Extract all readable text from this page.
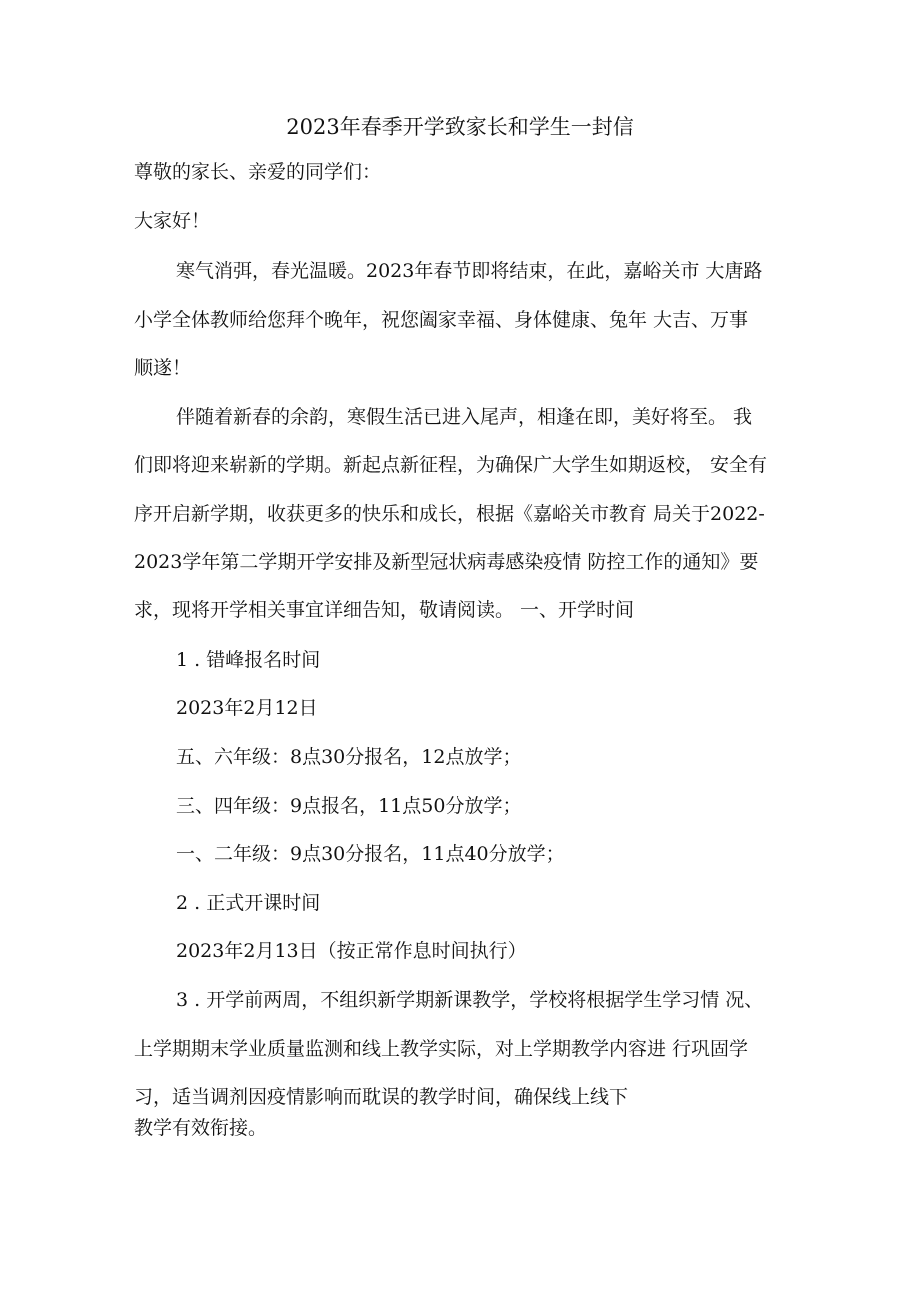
2023年春季开学致家长和学生一封信
尊敬的家长、亲爱的同学们：
大家好！
寒气消弭，春光温暖。2023年春节即将结束，在此，嘉峪关市 大唐路
小学全体教师给您拜个晚年，祝您阖家幸福、身体健康、兔年 大吉、万事
顺遂！
伴随着新春的余韵，寒假生活已进入尾声，相逢在即，美好将至。 我
们即将迎来崭新的学期。新起点新征程，为确保广大学生如期返校， 安全有
序开启新学期，收获更多的快乐和成长，根据《嘉峪关市教育 局关于2022-
2023学年第二学期开学安排及新型冠状病毒感染疫情 防控工作的通知》要
求，现将开学相关事宜详细告知，敬请阅读。 一、开学时间
1 . 错峰报名时间
2023年2月12日
五、六年级：8点30分报名，12点放学；
三、四年级：9点报名，11点50分放学；
一、二年级：9点30分报名，11点40分放学；
2 . 正式开课时间
2023年2月13日（按正常作息时间执行）
3 . 开学前两周，不组织新学期新课教学，学校将根据学生学习情 况、
上学期期末学业质量监测和线上教学实际，对上学期教学内容进 行巩固学
习，适当调剂因疫情影响而耽误的教学时间，确保线上线下
教学有效衔接。
